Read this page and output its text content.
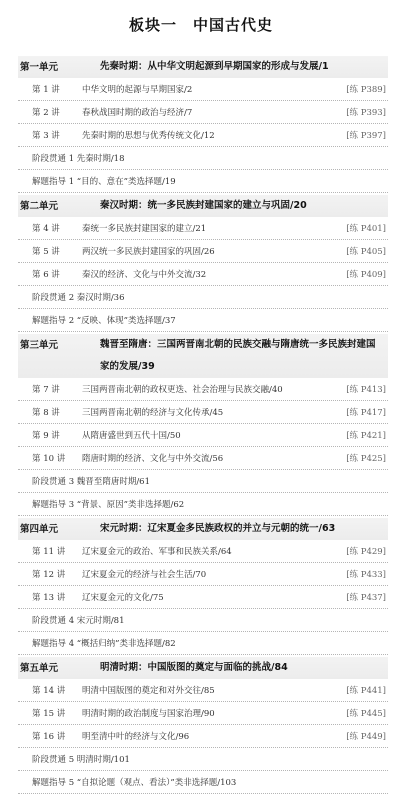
板块一　中国古代史
第一单元	先秦时期：从中华文明起源到早期国家的形成与发展/1
第 1 讲	中华文明的起源与早期国家/2	[练 P389]
第 2 讲	春秋战国时期的政治与经济/7	[练 P393]
第 3 讲	先秦时期的思想与优秀传统文化/12	[练 P397]
阶段贯通 1 先秦时期/18
解题指导 1 “目的、意在”类选择题/19
第二单元	秦汉时期：统一多民族封建国家的建立与巩固/20
第 4 讲	秦统一多民族封建国家的建立/21	[练 P401]
第 5 讲	两汉统一多民族封建国家的巩固/26	[练 P405]
第 6 讲	秦汉的经济、文化与中外交流/32	[练 P409]
阶段贯通 2 秦汉时期/36
解题指导 2 “反映、体现”类选择题/37
第三单元	魏晋至隋唐：三国两晋南北朝的民族交融与隋唐统一多民族封建国家的发展/39
第 7 讲	三国两晋南北朝的政权更迭、社会治理与民族交融/40	[练 P413]
第 8 讲	三国两晋南北朝的经济与文化传承/45	[练 P417]
第 9 讲	从隋唐盛世到五代十国/50	[练 P421]
第 10 讲 隋唐时期的经济、文化与中外交流/56	[练 P425]
阶段贯通 3 魏晋至隋唐时期/61
解题指导 3 “背景、原因”类非选择题/62
第四单元	宋元时期：辽宋夏金多民族政权的并立与元朝的统一/63
第 11 讲 辽宋夏金元的政治、军事和民族关系/64	[练 P429]
第 12 讲 辽宋夏金元的经济与社会生活/70	[练 P433]
第 13 讲 辽宋夏金元的文化/75	[练 P437]
阶段贯通 4 宋元时期/81
解题指导 4 “概括归纳”类非选择题/82
第五单元	明清时期：中国版图的奠定与面临的挑战/84
第 14 讲 明清中国版图的奠定和对外交往/85	[练 P441]
第 15 讲 明清时期的政治制度与国家治理/90	[练 P445]
第 16 讲 明至清中叶的经济与文化/96	[练 P449]
阶段贯通 5 明清时期/101
解题指导 5 “自拟论题（观点、看法）”类非选择题/103
